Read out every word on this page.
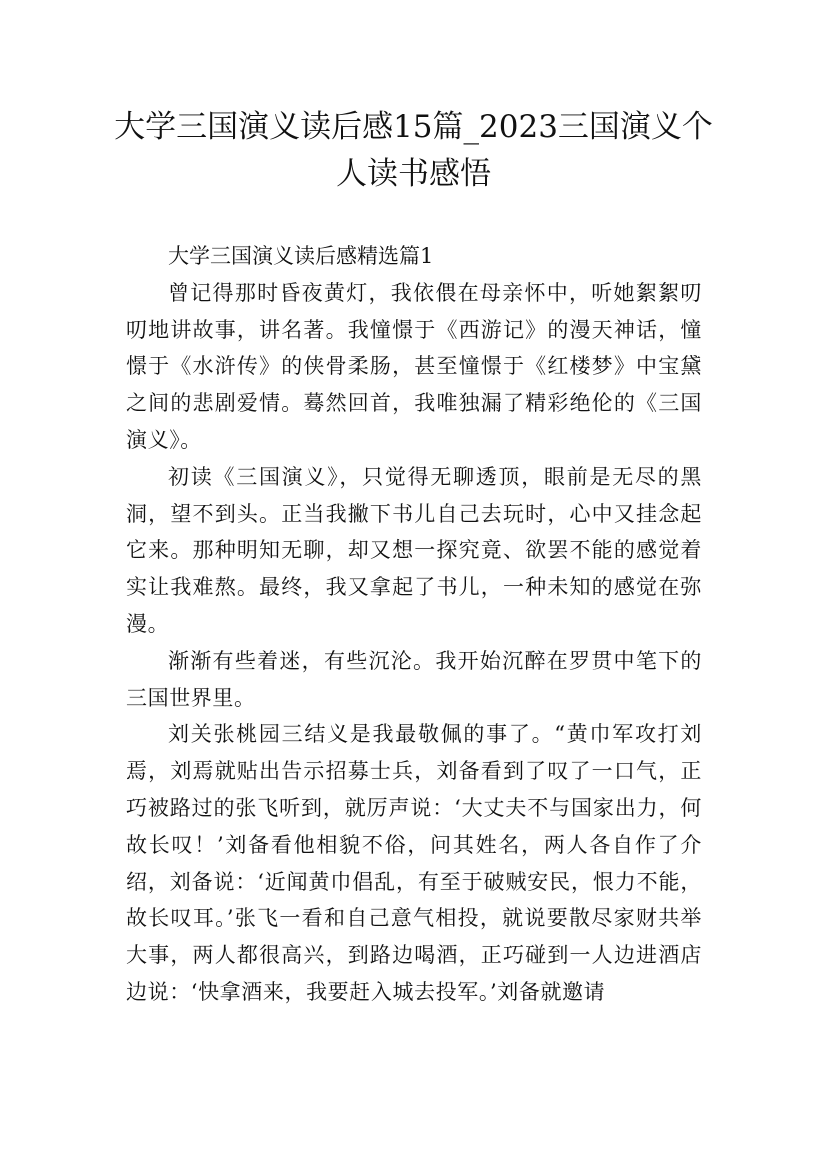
大学三国演义读后感15篇_2023三国演义个人读书感悟

大学三国演义读后感精选篇1

曾记得那时昏夜黄灯，我依偎在母亲怀中，听她絮絮叨叨地讲故事，讲名著。我憧憬于《西游记》的漫天神话，憧憬于《水浒传》的侠骨柔肠，甚至憧憬于《红楼梦》中宝黛之间的悲剧爱情。蓦然回首，我唯独漏了精彩绝伦的《三国演义》。

初读《三国演义》，只觉得无聊透顶，眼前是无尽的黑洞，望不到头。正当我撇下书儿自己去玩时，心中又挂念起它来。那种明知无聊，却又想一探究竟、欲罢不能的感觉着实让我难熬。最终，我又拿起了书儿，一种未知的感觉在弥漫。

渐渐有些着迷，有些沉沦。我开始沉醉在罗贯中笔下的三国世界里。

刘关张桃园三结义是我最敬佩的事了。“黄巾军攻打刘焉，刘焉就贴出告示招募士兵，刘备看到了叹了一口气，正巧被路过的张飞听到，就厉声说：‘大丈夫不与国家出力，何故长叹！’刘备看他相貌不俗，问其姓名，两人各自作了介绍，刘备说：‘近闻黄巾倡乱，有至于破贼安民，恨力不能，故长叹耳。’张飞一看和自己意气相投，就说要散尽家财共举大事，两人都很高兴，到路边喝酒，正巧碰到一人边进酒店边说：‘快拿酒来，我要赶入城去投军。’刘备就邀请
